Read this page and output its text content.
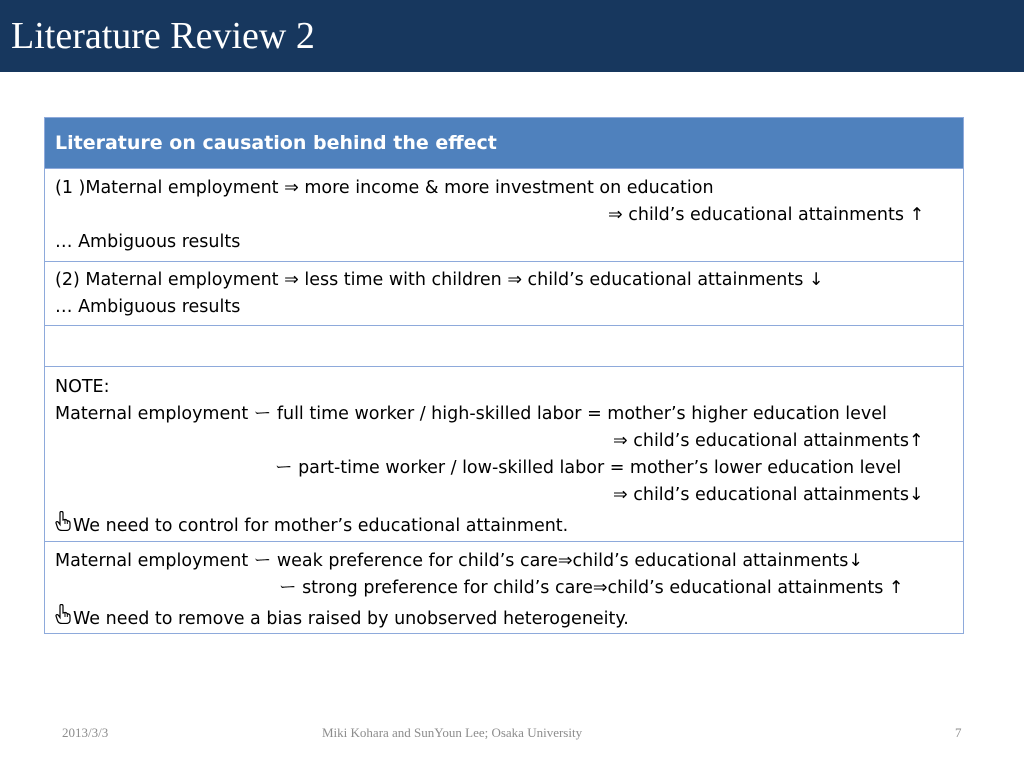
Literature Review 2
Literature on causation behind the effect
(1 )Maternal employment ⇒ more income & more investment on education
⇒ child’s educational attainments ↑
… Ambiguous results
(2) Maternal employment ⇒ less time with children ⇒ child’s educational attainments ↓
… Ambiguous results
NOTE:
Maternal employment ー full time worker / high-skilled labor = mother’s higher education level
⇒ child’s educational attainments↑
ー part-time worker / low-skilled labor = mother’s lower education level
⇒ child’s educational attainments↓
We need to control for mother’s educational attainment.
Maternal employment ー weak preference for child’s care⇒child’s educational attainments↓
ー strong preference for child’s care⇒child’s educational attainments ↑
We need to remove a bias raised by unobserved heterogeneity.
2013/3/3	Miki Kohara and SunYoun Lee; Osaka University	7
